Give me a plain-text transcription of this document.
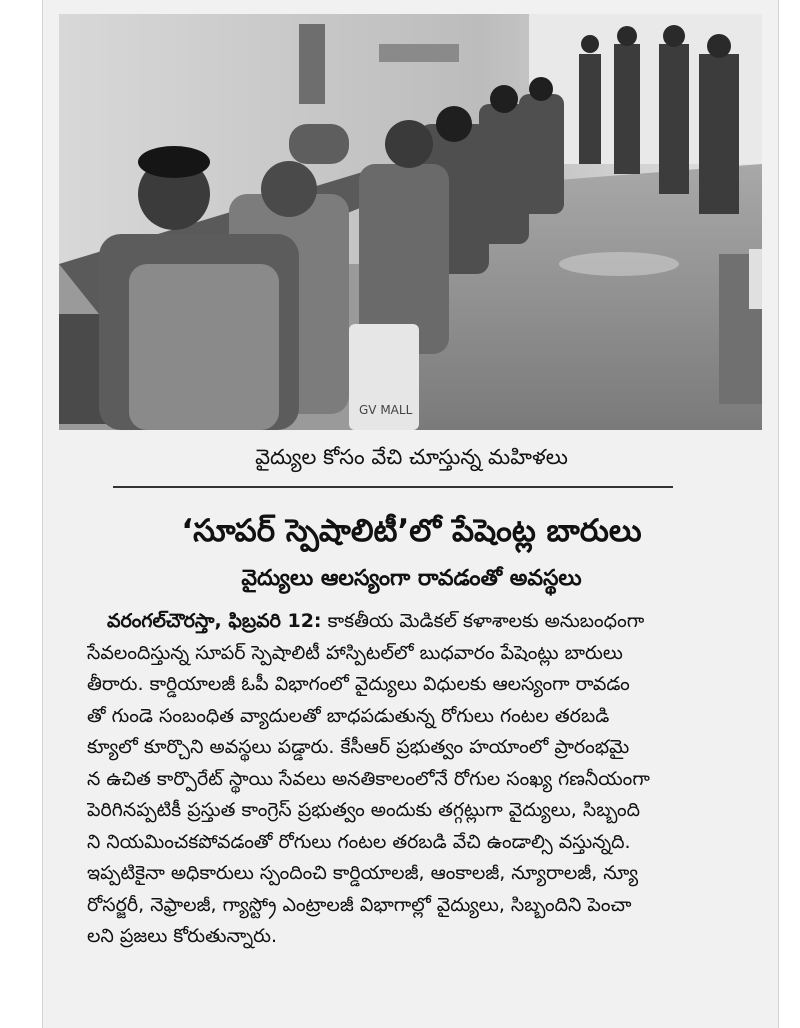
GV MALL
వైద్యుల కోసం వేచి చూస్తున్న మహిళలు
‘సూపర్ స్పెషాలిటీ’లో పేషెంట్ల బారులు
వైద్యులు ఆలస్యంగా రావడంతో అవస్థలు
వరంగల్‌చౌరస్తా, ఫిబ్రవరి 12: కాకతీయ మెడికల్ కళాశాలకు అనుబంధంగా
సేవలందిస్తున్న సూపర్ స్పెషాలిటీ హాస్పిటల్‌లో బుధవారం పేషెంట్లు బారులు
తీరారు. కార్డియాలజీ ఓపీ విభాగంలో వైద్యులు విధులకు ఆలస్యంగా రావడం
తో గుండె సంబంధిత వ్యాదులతో బాధపడుతున్న రోగులు గంటల తరబడి
క్యూలో కూర్చొని అవస్థలు పడ్డారు. కేసీఆర్ ప్రభుత్వం హయాంలో ప్రారంభమై
న ఉచిత కార్పొరేట్ స్థాయి సేవలు అనతికాలంలోనే రోగుల సంఖ్య గణనీయంగా
పెరిగినప్పటికీ ప్రస్తుత కాంగ్రెస్ ప్రభుత్వం అందుకు తగ్గట్లుగా వైద్యులు, సిబ్బంది
ని నియమించకపోవడంతో రోగులు గంటల తరబడి వేచి ఉండాల్సి వస్తున్నది.
ఇప్పటికైనా అధికారులు స్పందించి కార్డియాలజీ, ఆంకాలజీ, న్యూరాలజీ, న్యూ
రోసర్జరీ, నెఫ్రాలజీ, గ్యాస్ట్రో ఎంట్రాలజీ విభాగాల్లో వైద్యులు, సిబ్బందిని పెంచా
లని ప్రజలు కోరుతున్నారు.
